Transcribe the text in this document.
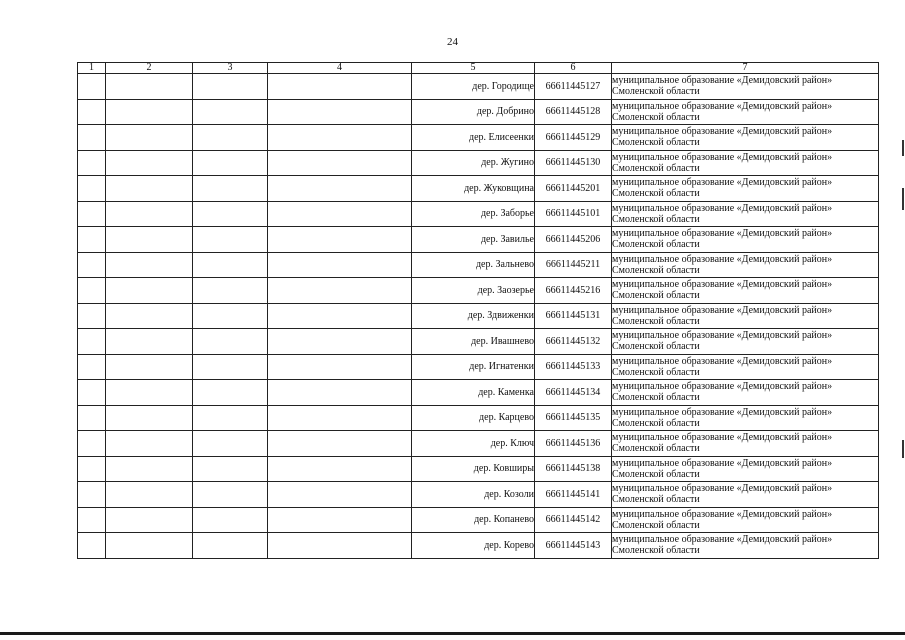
24
1	2	3	4	5	6	7
				дер. Городище	66611445127	муниципальное образование «Демидовский район» Смоленской области
				дер. Добрино	66611445128	муниципальное образование «Демидовский район» Смоленской области
				дер. Елисеенки	66611445129	муниципальное образование «Демидовский район» Смоленской области
				дер. Жугино	66611445130	муниципальное образование «Демидовский район» Смоленской области
				дер. Жуковщина	66611445201	муниципальное образование «Демидовский район» Смоленской области
				дер. Заборье	66611445101	муниципальное образование «Демидовский район» Смоленской области
				дер. Завилье	66611445206	муниципальное образование «Демидовский район» Смоленской области
				дер. Зальнево	66611445211	муниципальное образование «Демидовский район» Смоленской области
				дер. Заозерье	66611445216	муниципальное образование «Демидовский район» Смоленской области
				дер. Здвиженки	66611445131	муниципальное образование «Демидовский район» Смоленской области
				дер. Ивашнево	66611445132	муниципальное образование «Демидовский район» Смоленской области
				дер. Игнатенки	66611445133	муниципальное образование «Демидовский район» Смоленской области
				дер. Каменка	66611445134	муниципальное образование «Демидовский район» Смоленской области
				дер. Карцево	66611445135	муниципальное образование «Демидовский район» Смоленской области
				дер. Ключ	66611445136	муниципальное образование «Демидовский район» Смоленской области
				дер. Ковширы	66611445138	муниципальное образование «Демидовский район» Смоленской области
				дер. Козоли	66611445141	муниципальное образование «Демидовский район» Смоленской области
				дер. Копанево	66611445142	муниципальное образование «Демидовский район» Смоленской области
				дер. Корево	66611445143	муниципальное образование «Демидовский район» Смоленской области
